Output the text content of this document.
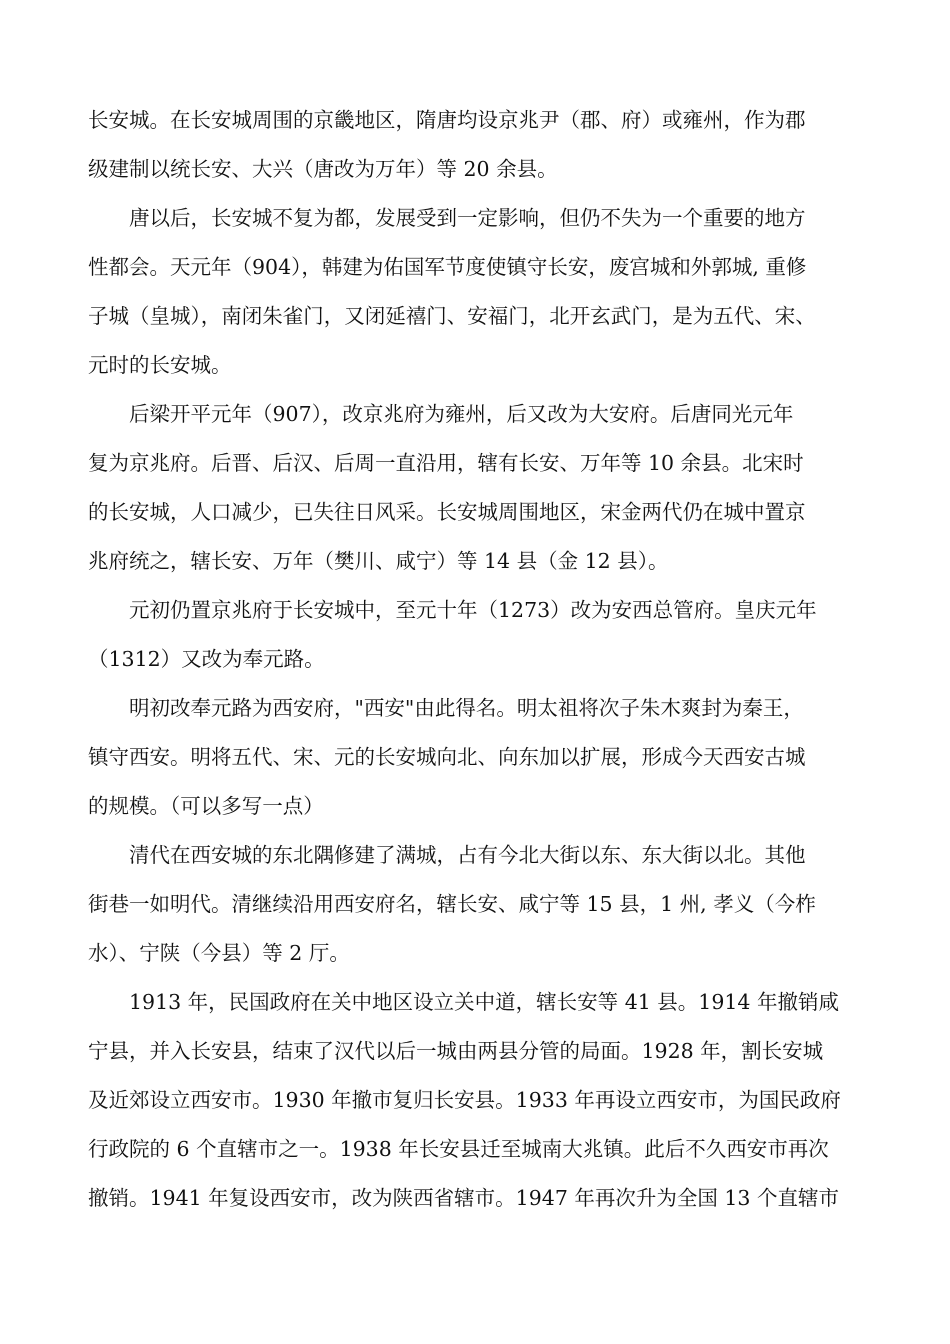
长安城。在长安城周围的京畿地区，隋唐均设京兆尹（郡、府）或雍州，作为郡
级建制以统长安、大兴（唐改为万年）等 20 余县。
　　唐以后，长安城不复为都，发展受到一定影响，但仍不失为一个重要的地方
性都会。天元年（904），韩建为佑国军节度使镇守长安，废宫城和外郭城, 重修
子城（皇城），南闭朱雀门，又闭延禧门、安福门，北开玄武门，是为五代、宋、
元时的长安城。
　　后梁开平元年（907），改京兆府为雍州，后又改为大安府。后唐同光元年
复为京兆府。后晋、后汉、后周一直沿用，辖有长安、万年等 10 余县。北宋时
的长安城，人口减少，已失往日风采。长安城周围地区，宋金两代仍在城中置京
兆府统之，辖长安、万年（樊川、咸宁）等 14 县（金 12 县）。
　　元初仍置京兆府于长安城中，至元十年（1273）改为安西总管府。皇庆元年
（1312）又改为奉元路。
　　明初改奉元路为西安府，"西安"由此得名。明太祖将次子朱木爽封为秦王，
镇守西安。明将五代、宋、元的长安城向北、向东加以扩展，形成今天西安古城
的规模。（可以多写一点）
　　清代在西安城的东北隅修建了满城，占有今北大街以东、东大街以北。其他
街巷一如明代。清继续沿用西安府名，辖长安、咸宁等 15 县，1 州, 孝义（今柞
水）、宁陕（今县）等 2 厅。
　　1913 年，民国政府在关中地区设立关中道，辖长安等 41 县。1914 年撤销咸
宁县，并入长安县，结束了汉代以后一城由两县分管的局面。1928 年，割长安城
及近郊设立西安市。1930 年撤市复归长安县。1933 年再设立西安市，为国民政府
行政院的 6 个直辖市之一。1938 年长安县迁至城南大兆镇。此后不久西安市再次
撤销。1941 年复设西安市，改为陕西省辖市。1947 年再次升为全国 13 个直辖市
